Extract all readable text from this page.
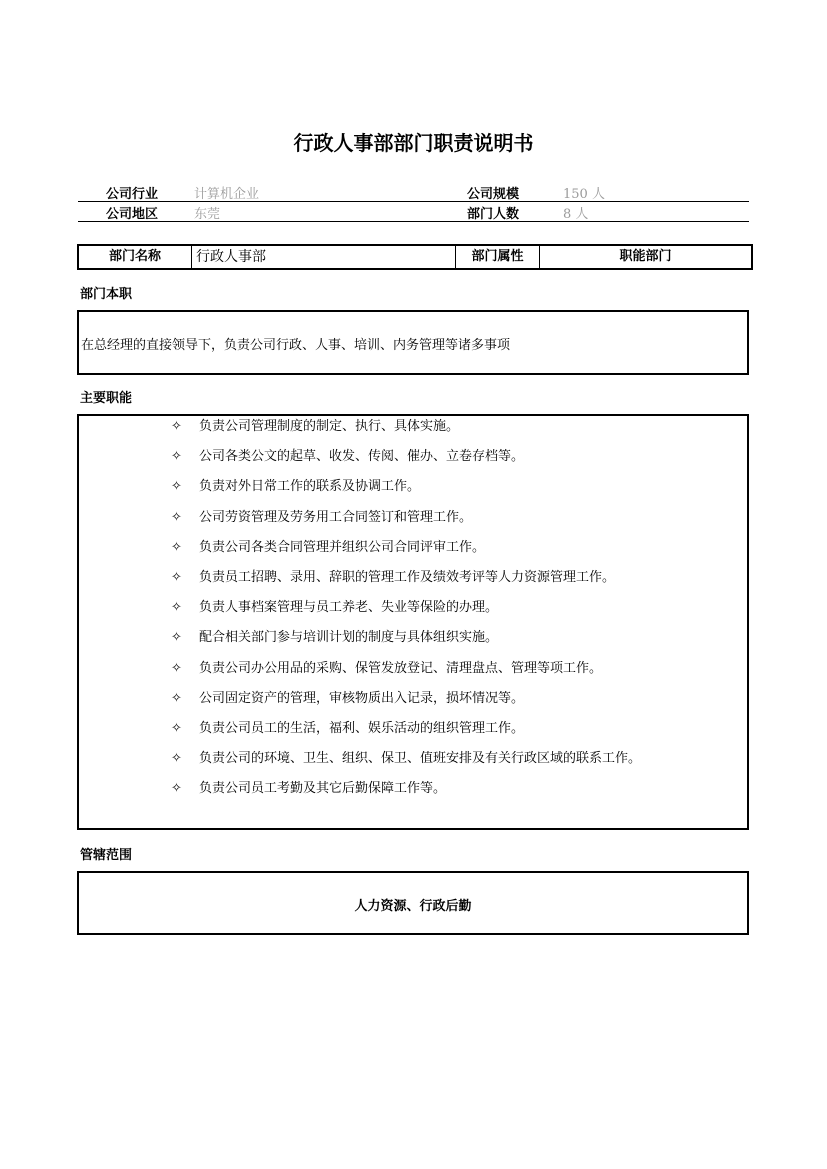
行政人事部部门职责说明书
公司行业	计算机企业	公司规模	150 人
公司地区	东莞	部门人数	8 人
部门名称	行政人事部	部门属性	职能部门
部门本职
在总经理的直接领导下，负责公司行政、人事、培训、内务管理等诸多事项
主要职能
✧ 负责公司管理制度的制定、执行、具体实施。
✧ 公司各类公文的起草、收发、传阅、催办、立卷存档等。
✧ 负责对外日常工作的联系及协调工作。
✧ 公司劳资管理及劳务用工合同签订和管理工作。
✧ 负责公司各类合同管理并组织公司合同评审工作。
✧ 负责员工招聘、录用、辞职的管理工作及绩效考评等人力资源管理工作。
✧ 负责人事档案管理与员工养老、失业等保险的办理。
✧ 配合相关部门参与培训计划的制度与具体组织实施。
✧ 负责公司办公用品的采购、保管发放登记、清理盘点、管理等项工作。
✧ 公司固定资产的管理，审核物质出入记录，损坏情况等。
✧ 负责公司员工的生活，福利、娱乐活动的组织管理工作。
✧ 负责公司的环境、卫生、组织、保卫、值班安排及有关行政区域的联系工作。
✧ 负责公司员工考勤及其它后勤保障工作等。
管辖范围
人力资源、行政后勤
